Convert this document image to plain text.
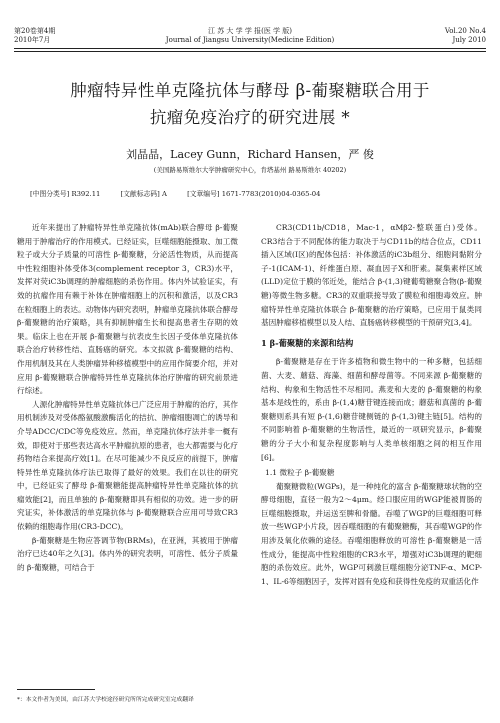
第20卷第4期
2010年7月
江 苏 大 学 学 报(医 学 版)
Journal of Jiangsu University(Medicine Edition)
Vol.20 No.4
July 2010
肿瘤特异性单克隆抗体与酵母 β-葡聚糖联合用于
抗瘤免疫治疗的研究进展 *
刘晶晶，Lacey Gunn，Richard Hansen，严 俊
(美国路易斯维尔大学肿瘤研究中心，肯塔基州 路易斯维尔 40202)
[中图分类号] R392.11	[文献标志码] A	[文章编号] 1671-7783(2010)04-0365-04

近年来提出了肿瘤特异性单克隆抗体(mAb)联合酵母 β-葡聚糖用于肿瘤治疗的作用模式。已经证实，巨噬细胞能摄取、加工微粒子或大分子质量的可溶性 β-葡聚糖，分泌活性物质，从而提高中性粒细胞补体受体3(complement receptor 3，CR3)水平，发挥对荧iC3b调理的肿瘤细胞的杀伤作用。体内外试验证实，有效的抗瘤作用有赖于补体在肿瘤细胞上的沉积和激活，以及CR3在粒细胞上的表达。动物体内研究表明，肿瘤单克隆抗体联合酵母 β-葡聚糖的治疗策略，具有抑制肿瘤生长和提高患者生存期的效果。临床上也在开展 β-葡聚糖与抗表皮生长因子受体单克隆抗体联合治疗转移性结、直肠癌的研究。本文拟就 β-葡聚糖的结构、作用机制及其在人类肿瘤异种移植模型中的应用作简要介绍，并对应用 β-葡聚糖联合肿瘤特异性单克隆抗体治疗肿瘤的研究前景进行综述。

人源化肿瘤特异性单克隆抗体已广泛应用于肿瘤的治疗，其作用机制涉及对受体酪氨酸激酶活化的拮抗、肿瘤细胞凋亡的诱导和介导ADCC/CDC等免疫效应。然而，单克隆抗体疗法并非一概有效，即使对于那些表达高水平肿瘤抗原的患者，也大都需要与化疗药物结合来提高疗效[1]。在尽可能减少不良反应的前提下，肿瘤特异性单克隆抗体疗法已取得了最好的效果。我们在以往的研究中，已经证实了酵母 β-葡聚糖能提高肿瘤特异性单克隆抗体的抗瘤效能[2]，而且单独的 β-葡聚糖即具有相似的功效。进一步的研究证实，补体激活的单克隆抗体与 β-葡聚糖联合应用可导致CR3依赖的细胞毒作用(CR3-DCC)。

β-葡聚糖是生物应答调节物(BRMs)，在亚洲，其被用于肿瘤治疗已达40年之久[3]。体内外的研究表明，可溶性、低分子质量的 β-葡聚糖，可结合于

CR3(CD11b/CD18，Mac-1，αMβ2-整联蛋白)受体。CR3结合于不同配体的能力取决于与CD11b的结合位点，CD11插入区域(I区)的配体包括：补体激活的iC3b组分、细胞间黏附分子-1(ICAM-1)、纤维蛋白原、凝血因子X和肝素。凝集素样区域(LLD)定位于膜的邻近处，能结合 β-(1,3)键葡萄糖聚合物(β-葡聚糖)等微生物多糖。CR3的双重联接导致了膜粒和细胞毒效应。肿瘤特异性单克隆抗体联合 β-葡聚糖的治疗策略，已应用于鼠类同基因肿瘤移植模型以及人结、直肠癌转移模型的干预研究[3,4]。

1 β-葡聚糖的来源和结构

β-葡聚糖是存在于许多植物和微生物中的一种多糖，包括细菌、大麦、蘑菇、海藻、细菌和酵母菌等。不同来源 β-葡聚糖的结构、构象和生物活性不尽相同。燕麦和大麦的 β-葡聚糖的构象基本是线性的，系由 β-(1,4)糖苷键连接而成；蘑菇和真菌的 β-葡聚糖则系具有短 β-(1,6)糖苷键侧链的 β-(1,3)键主链[5]。结构的不同影响着 β-葡聚糖的生物活性，最近的一项研究显示，β-葡聚糖的分子大小和复杂程度影响与人类单核细胞之间的相互作用[6]。

1.1 微粒子 β-葡聚糖

葡聚糖微粒(WGPs)，是一种纯化的富含 β-葡聚糖球状物的空酵母细胞，直径一般为2～4μm。经口服应用的WGP能被胃肠的巨噬细胞摄取，并运送至脾和骨髓。吞噬了WGP的巨噬细胞可释放一些WGP小片段，因吞噬细胞的有葡聚糖酶，其吞噬WGP的作用涉及氧化依赖的途径。吞噬细胞释放的可溶性 β-葡聚糖是一活性成分，能提高中性粒细胞的CR3水平，增强对iC3b调理的靶细胞的杀伤效应。此外，WGP可刺激巨噬细胞分泌TNF-α、MCP-1、IL-6等细胞因子，发挥对固有免疫和获得性免疫的双重活化作

*：本文作者为美国，由江苏大学校途径研究所所完成研究室完成翻译
